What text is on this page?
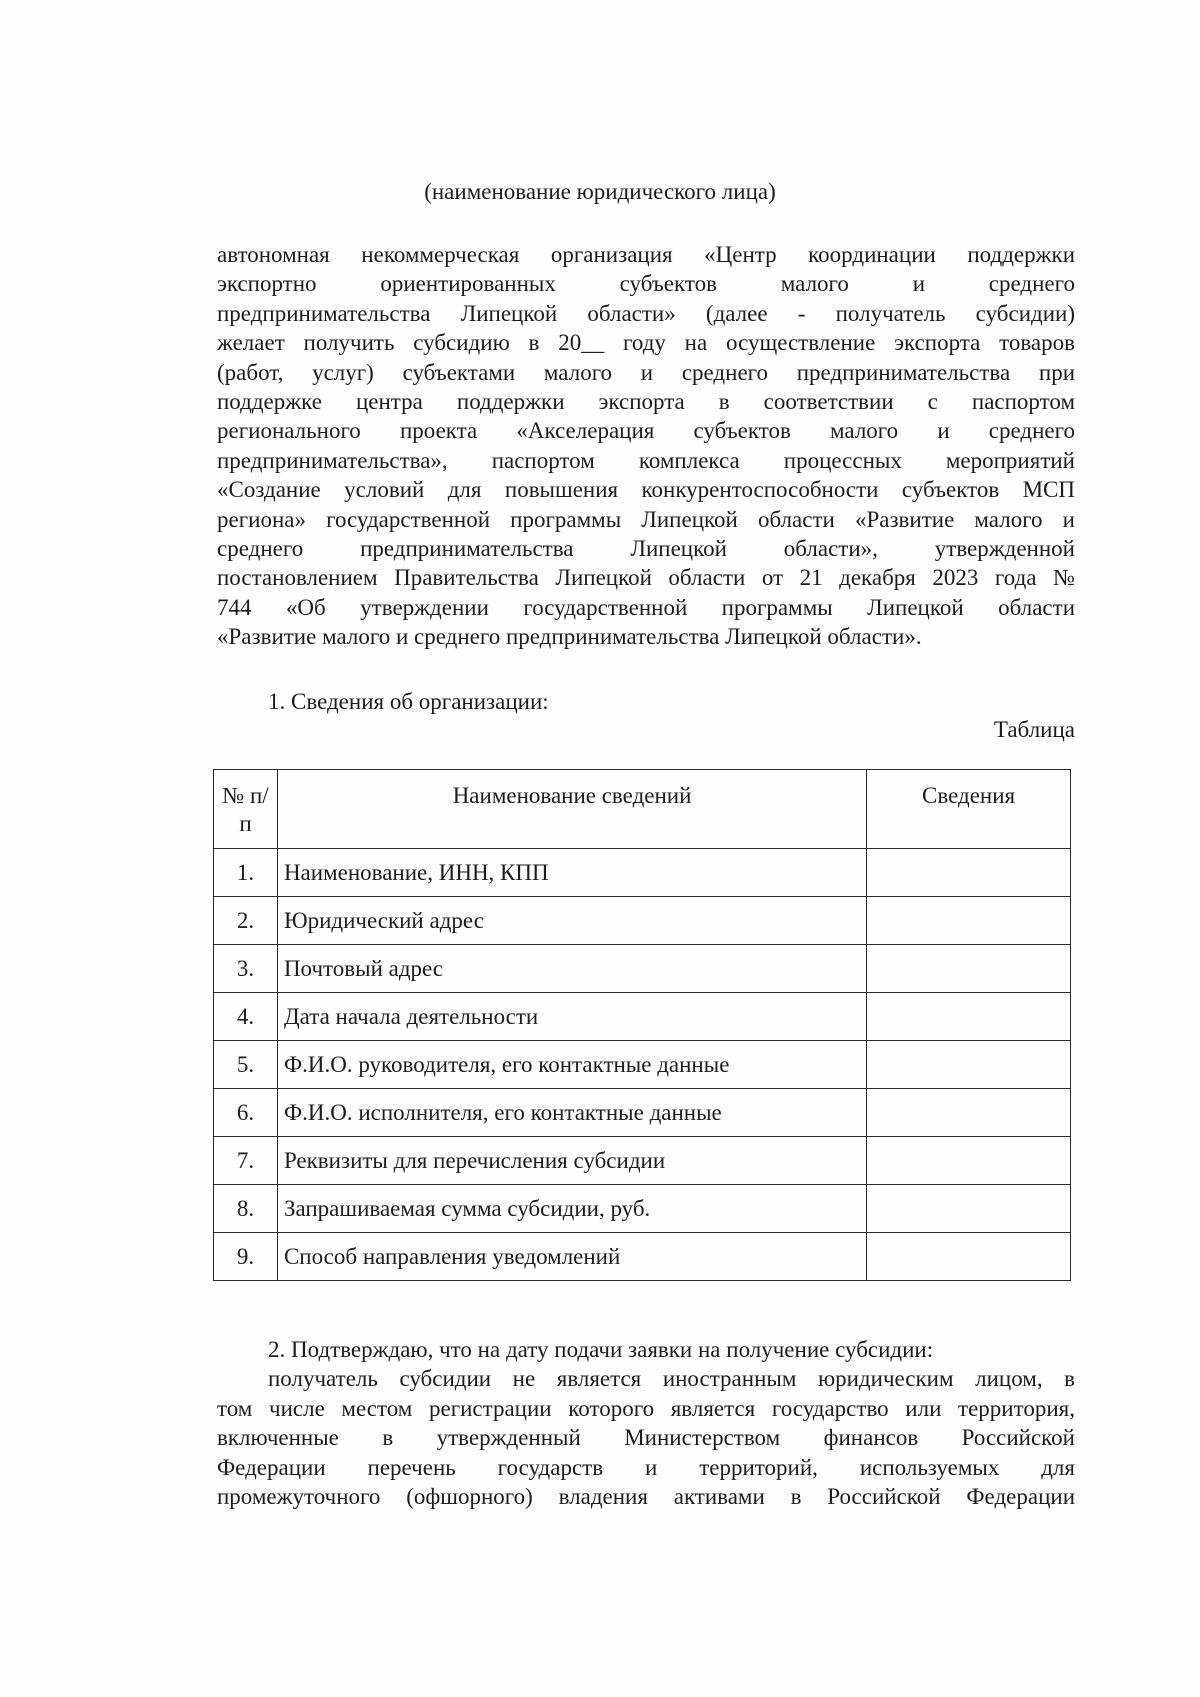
(наименование юридического лица)

автономная некоммерческая организация «Центр координации поддержки
экспортно ориентированных субъектов малого и среднего
предпринимательства Липецкой области» (далее - получатель субсидии)
желает получить субсидию в 20__ году на осуществление экспорта товаров
(работ, услуг) субъектами малого и среднего предпринимательства при
поддержке центра поддержки экспорта в соответствии с паспортом
регионального проекта «Акселерация субъектов малого и среднего
предпринимательства», паспортом комплекса процессных мероприятий
«Создание условий для повышения конкурентоспособности субъектов МСП
региона» государственной программы Липецкой области «Развитие малого и
среднего предпринимательства Липецкой области», утвержденной
постановлением Правительства Липецкой области от 21 декабря 2023 года №
744 «Об утверждении государственной программы Липецкой области
«Развитие малого и среднего предпринимательства Липецкой области».

1. Сведения об организации:

Таблица
№ п/п	Наименование сведений	Сведения
1.	Наименование, ИНН, КПП	
2.	Юридический адрес	
3.	Почтовый адрес	
4.	Дата начала деятельности	
5.	Ф.И.О. руководителя, его контактные данные	
6.	Ф.И.О. исполнителя, его контактные данные	
7.	Реквизиты для перечисления субсидии	
8.	Запрашиваемая сумма субсидии, руб.	
9.	Способ направления уведомлений	

2. Подтверждаю, что на дату подачи заявки на получение субсидии:
получатель субсидии не является иностранным юридическим лицом, в
том числе местом регистрации которого является государство или территория,
включенные в утвержденный Министерством финансов Российской
Федерации перечень государств и территорий, используемых для
промежуточного (офшорного) владения активами в Российской Федерации
